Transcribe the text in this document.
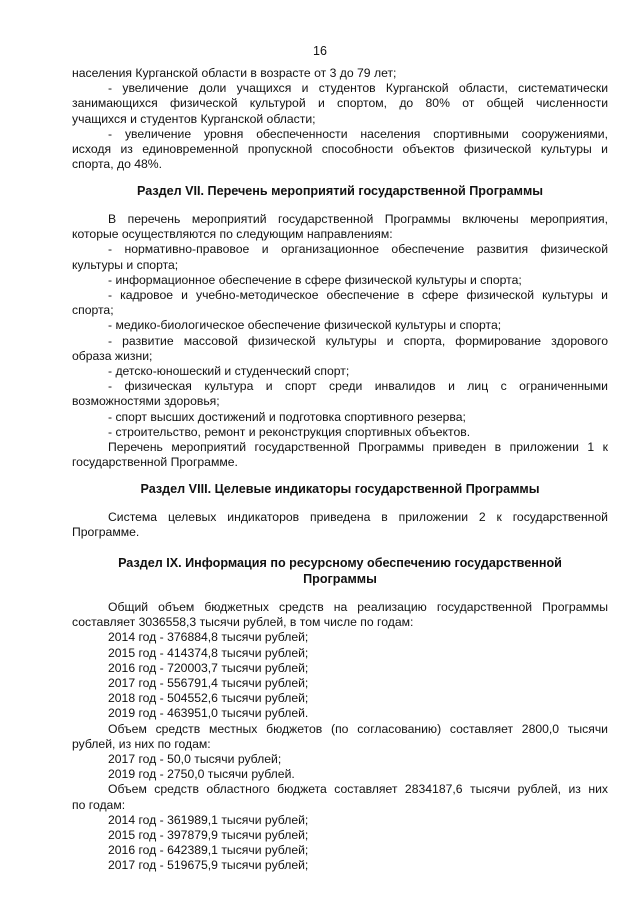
16
населения Курганской области в возрасте от 3 до 79 лет;
- увеличение доли учащихся и студентов Курганской области, систематически
занимающихся физической культурой и спортом, до 80% от общей численности
учащихся и студентов Курганской области;
- увеличение уровня обеспеченности населения спортивными сооружениями,
исходя из единовременной пропускной способности объектов физической культуры и
спорта, до 48%.
Раздел VII. Перечень мероприятий государственной Программы
В перечень мероприятий государственной Программы включены мероприятия,
которые осуществляются по следующим направлениям:
- нормативно-правовое и организационное обеспечение развития физической
культуры и спорта;
- информационное обеспечение в сфере физической культуры и спорта;
- кадровое и учебно-методическое обеспечение в сфере физической культуры и
спорта;
- медико-биологическое обеспечение физической культуры и спорта;
- развитие массовой физической культуры и спорта, формирование здорового
образа жизни;
- детско-юношеский и студенческий спорт;
- физическая культура и спорт среди инвалидов и лиц с ограниченными
возможностями здоровья;
- спорт высших достижений и подготовка спортивного резерва;
- строительство, ремонт и реконструкция спортивных объектов.
Перечень мероприятий государственной Программы приведен в приложении 1 к
государственной Программе.
Раздел VIII. Целевые индикаторы государственной Программы
Система целевых индикаторов приведена в приложении 2 к государственной
Программе.
Раздел IX. Информация по ресурсному обеспечению государственной
Программы
Общий объем бюджетных средств на реализацию государственной Программы
составляет 3036558,3 тысячи рублей, в том числе по годам:
2014 год - 376884,8 тысячи рублей;
2015 год - 414374,8 тысячи рублей;
2016 год - 720003,7 тысячи рублей;
2017 год - 556791,4 тысячи рублей;
2018 год - 504552,6 тысячи рублей;
2019 год - 463951,0 тысячи рублей.
Объем средств местных бюджетов (по согласованию) составляет 2800,0 тысячи
рублей, из них по годам:
2017 год - 50,0 тысячи рублей;
2019 год - 2750,0 тысячи рублей.
Объем средств областного бюджета составляет 2834187,6 тысячи рублей, из них
по годам:
2014 год - 361989,1 тысячи рублей;
2015 год - 397879,9 тысячи рублей;
2016 год - 642389,1 тысячи рублей;
2017 год - 519675,9 тысячи рублей;
